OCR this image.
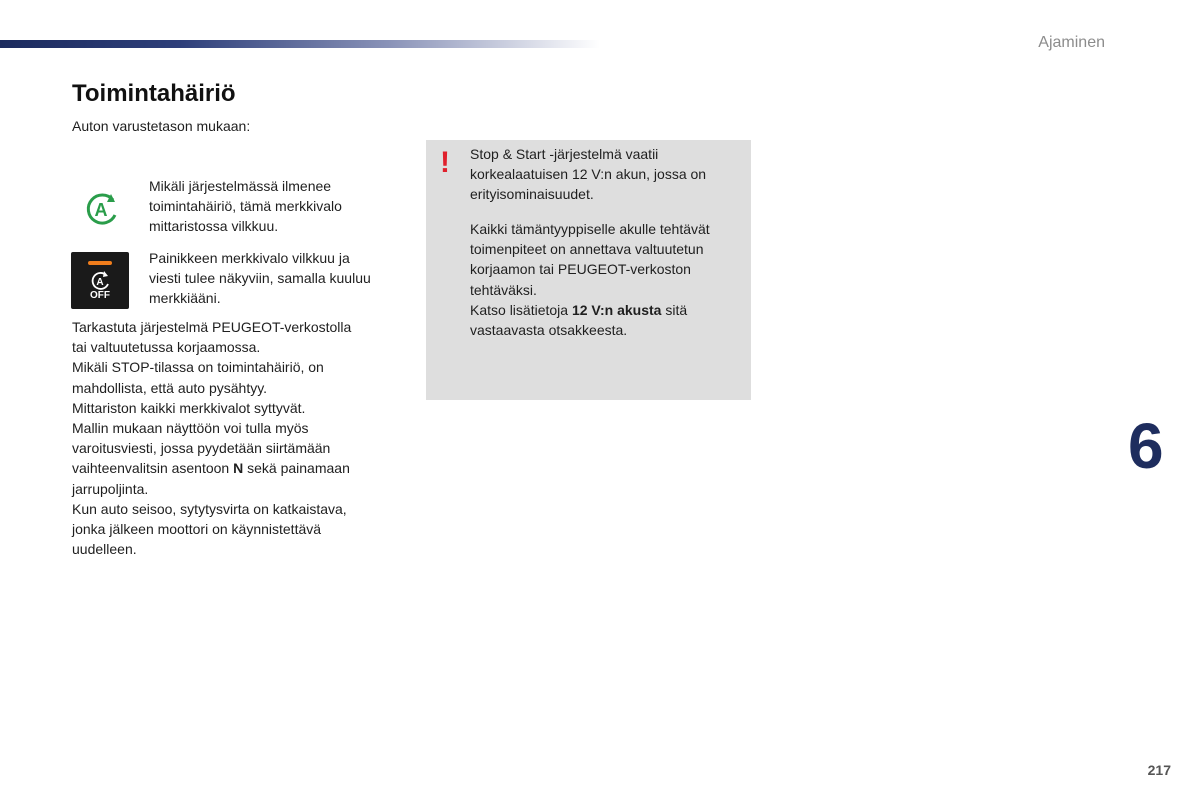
Ajaminen
Toimintahäiriö

Auton varustetason mukaan:

A

Mikäli järjestelmässä ilmenee
toimintahäiriö, tämä merkkivalo
mittaristossa vilkkuu.

A
OFF

Painikkeen merkkivalo vilkkuu ja
viesti tulee näkyviin, samalla kuuluu
merkkiääni.

Tarkastuta järjestelmä PEUGEOT-verkostolla
tai valtuutetussa korjaamossa.
Mikäli STOP-tilassa on toimintahäiriö, on
mahdollista, että auto pysähtyy.
Mittariston kaikki merkkivalot syttyvät.
Mallin mukaan näyttöön voi tulla myös
varoitusviesti, jossa pyydetään siirtämään
vaihteenvalitsin asentoon N sekä painamaan
jarrupoljinta.
Kun auto seisoo, sytytysvirta on katkaistava,
jonka jälkeen moottori on käynnistettävä
uudelleen.

! Stop & Start -järjestelmä vaatii
korkealaatuisen 12 V:n akun, jossa on
erityisominaisuudet.

Kaikki tämäntyyppiselle akulle tehtävät
toimenpiteet on annettava valtuutetun
korjaamon tai PEUGEOT-verkoston
tehtäväksi.
Katso lisätietoja 12 V:n akusta sitä
vastaavasta otsakkeesta.

6
217
